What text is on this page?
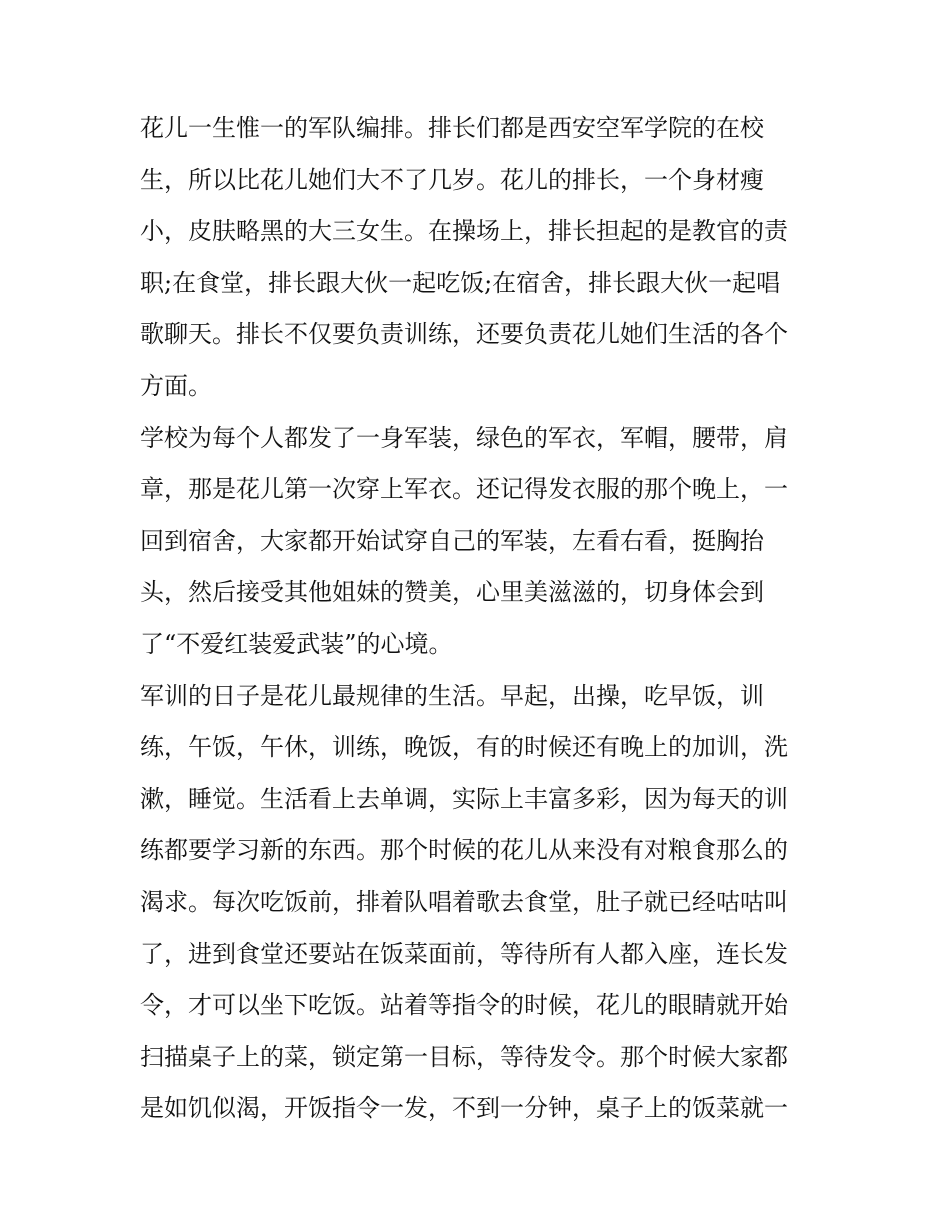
花儿一生惟一的军队编排。排长们都是西安空军学院的在校
生，所以比花儿她们大不了几岁。花儿的排长，一个身材瘦
小，皮肤略黑的大三女生。在操场上，排长担起的是教官的责
职;在食堂，排长跟大伙一起吃饭;在宿舍，排长跟大伙一起唱
歌聊天。排长不仅要负责训练，还要负责花儿她们生活的各个
方面。
学校为每个人都发了一身军装，绿色的军衣，军帽，腰带，肩
章，那是花儿第一次穿上军衣。还记得发衣服的那个晚上，一
回到宿舍，大家都开始试穿自己的军装，左看右看，挺胸抬
头，然后接受其他姐妹的赞美，心里美滋滋的，切身体会到
了“不爱红装爱武装”的心境。
军训的日子是花儿最规律的生活。早起，出操，吃早饭，训
练，午饭，午休，训练，晚饭，有的时候还有晚上的加训，洗
漱，睡觉。生活看上去单调，实际上丰富多彩，因为每天的训
练都要学习新的东西。那个时候的花儿从来没有对粮食那么的
渴求。每次吃饭前，排着队唱着歌去食堂，肚子就已经咕咕叫
了，进到食堂还要站在饭菜面前，等待所有人都入座，连长发
令，才可以坐下吃饭。站着等指令的时候，花儿的眼睛就开始
扫描桌子上的菜，锁定第一目标，等待发令。那个时候大家都
是如饥似渴，开饭指令一发，不到一分钟，桌子上的饭菜就一
